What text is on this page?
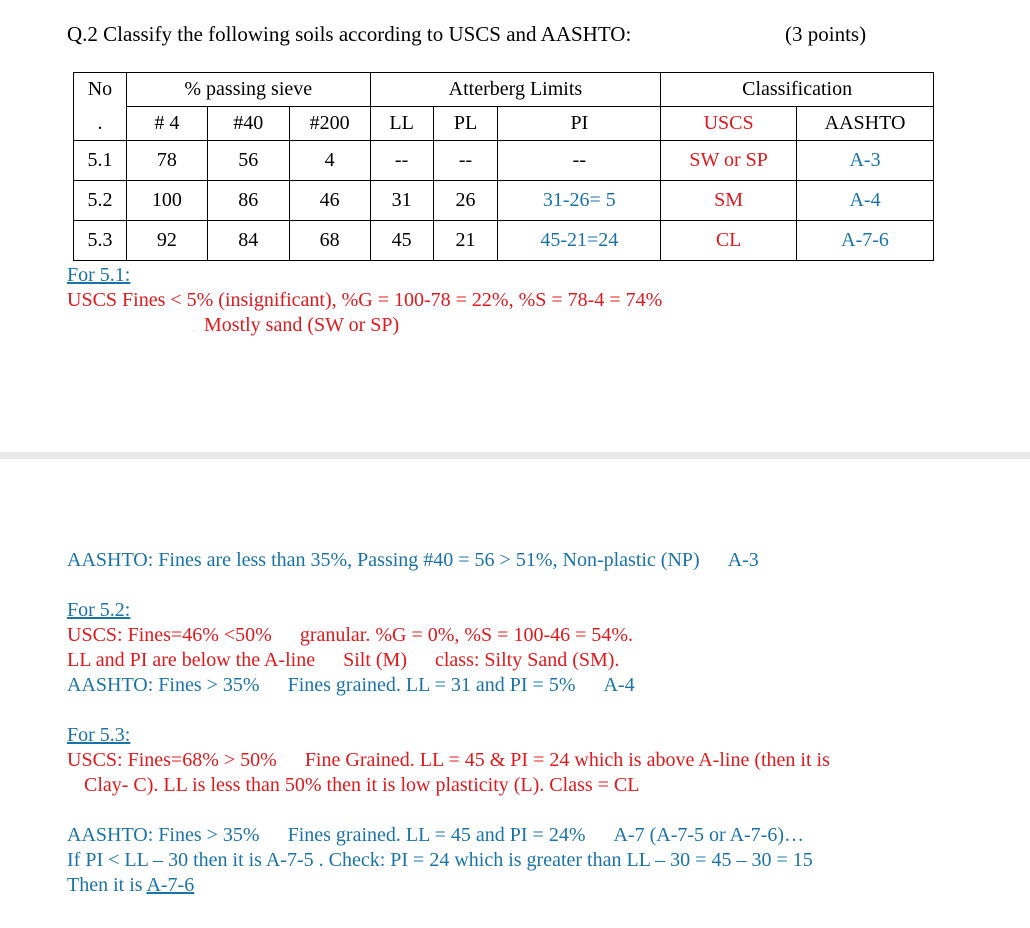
Q.2 Classify the following soils according to USCS and AASHTO:	(3 points)
No	% passing sieve			Atterberg Limits			Classification	
.	# 4	#40	#200	LL	PL	PI	USCS	AASHTO
5.1	78	56	4	--	--	--	SW or SP	A-3
5.2	100	86	46	31	26	31-26= 5	SM	A-4
5.3	92	84	68	45	21	45-21=24	CL	A-7-6
For 5.1:
USCS Fines < 5% (insignificant), %G = 100-78 = 22%, %S = 78-4 = 74%
Mostly sand (SW or SP)
AASHTO: Fines are less than 35%, Passing #40 = 56 > 51%, Non-plastic (NP) A-3
For 5.2:
USCS: Fines=46% <50% granular. %G = 0%, %S = 100-46 = 54%.
LL and PI are below the A-line Silt (M) class: Silty Sand (SM).
AASHTO: Fines > 35% Fines grained. LL = 31 and PI = 5% A-4
For 5.3:
USCS: Fines=68% > 50% Fine Grained. LL = 45 & PI = 24 which is above A-line (then it is
Clay- C). LL is less than 50% then it is low plasticity (L). Class = CL
AASHTO: Fines > 35% Fines grained. LL = 45 and PI = 24% A-7 (A-7-5 or A-7-6)…
If PI < LL – 30 then it is A-7-5 . Check: PI = 24 which is greater than LL – 30 = 45 – 30 = 15
Then it is A-7-6
